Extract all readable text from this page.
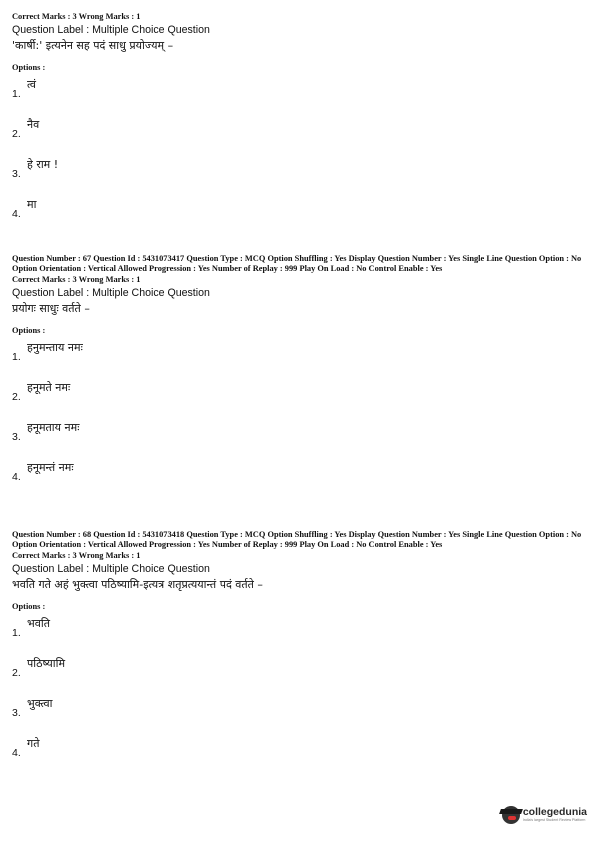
Correct Marks : 3 Wrong Marks : 1

Question Label : Multiple Choice Question

'कार्षी:' इत्यनेन सह पदं साधु प्रयोज्यम् –

Options :

1.
त्वं
2.
नैव
3.
हे राम !
4.
मा

Question Number : 67 Question Id : 5431073417 Question Type : MCQ Option Shuffling : Yes Display Question Number : Yes Single Line Question Option : No Option Orientation : Vertical Allowed Progression : Yes Number of Replay : 999 Play On Load : No Control Enable : Yes

Correct Marks : 3 Wrong Marks : 1

Question Label : Multiple Choice Question

प्रयोगः साधुः वर्तते –

Options :

1.
हनुमन्ताय नमः
2.
हनूमते नमः
3.
हनूमताय नमः
4.
हनूमन्तं नमः

Question Number : 68 Question Id : 5431073418 Question Type : MCQ Option Shuffling : Yes Display Question Number : Yes Single Line Question Option : No Option Orientation : Vertical Allowed Progression : Yes Number of Replay : 999 Play On Load : No Control Enable : Yes

Correct Marks : 3 Wrong Marks : 1

Question Label : Multiple Choice Question

भवति गते अहं भुक्त्वा पठिष्यामि-इत्यत्र शतृप्रत्ययान्तं पदं वर्तते –

Options :

1.
भवति
2.
पठिष्यामि
3.
भुक्त्वा
4.
गते
collegedunia
India's largest Student Review Platform
